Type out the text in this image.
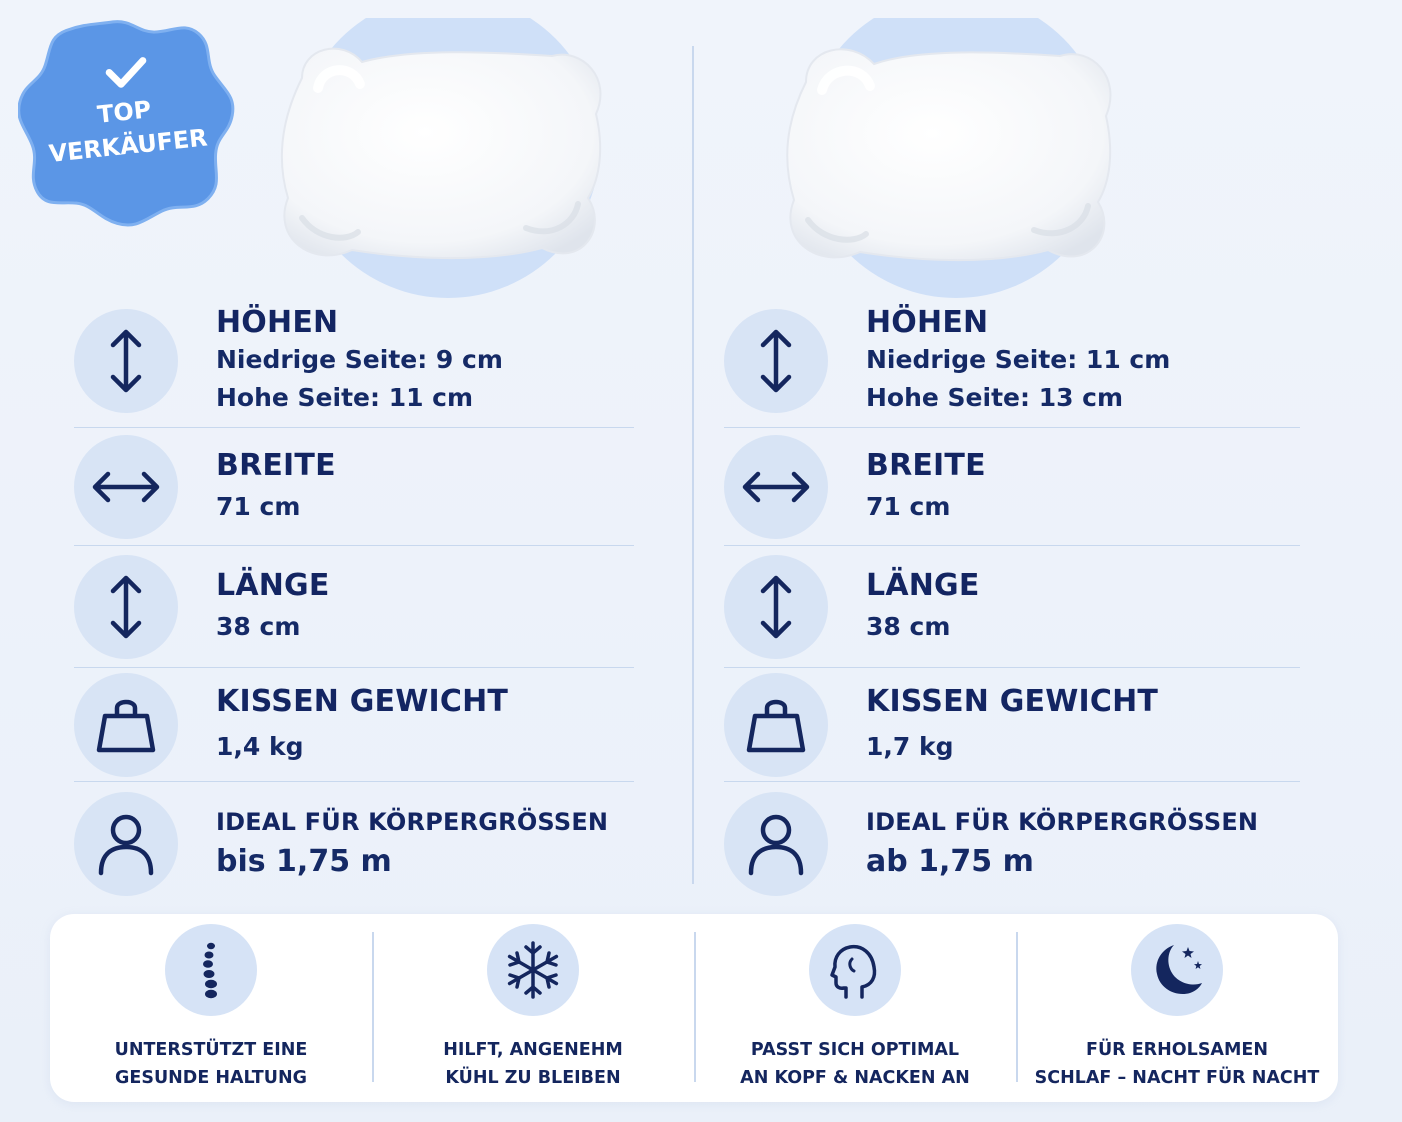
TOP
VERKÄUFER
HÖHEN
Niedrige Seite: 9 cm
Hohe Seite: 11 cm
BREITE
71 cm
LÄNGE
38 cm
KISSEN GEWICHT
1,4 kg
IDEAL FÜR KÖRPERGRÖSSEN
bis 1,75 m
HÖHEN
Niedrige Seite: 11 cm
Hohe Seite: 13 cm
BREITE
71 cm
LÄNGE
38 cm
KISSEN GEWICHT
1,7 kg
IDEAL FÜR KÖRPERGRÖSSEN
ab 1,75 m
UNTERSTÜTZT EINE
GESUNDE HALTUNG
HILFT, ANGENEHM
KÜHL ZU BLEIBEN
PASST SICH OPTIMAL
AN KOPF & NACKEN AN
FÜR ERHOLSAMEN
SCHLAF – NACHT FÜR NACHT
